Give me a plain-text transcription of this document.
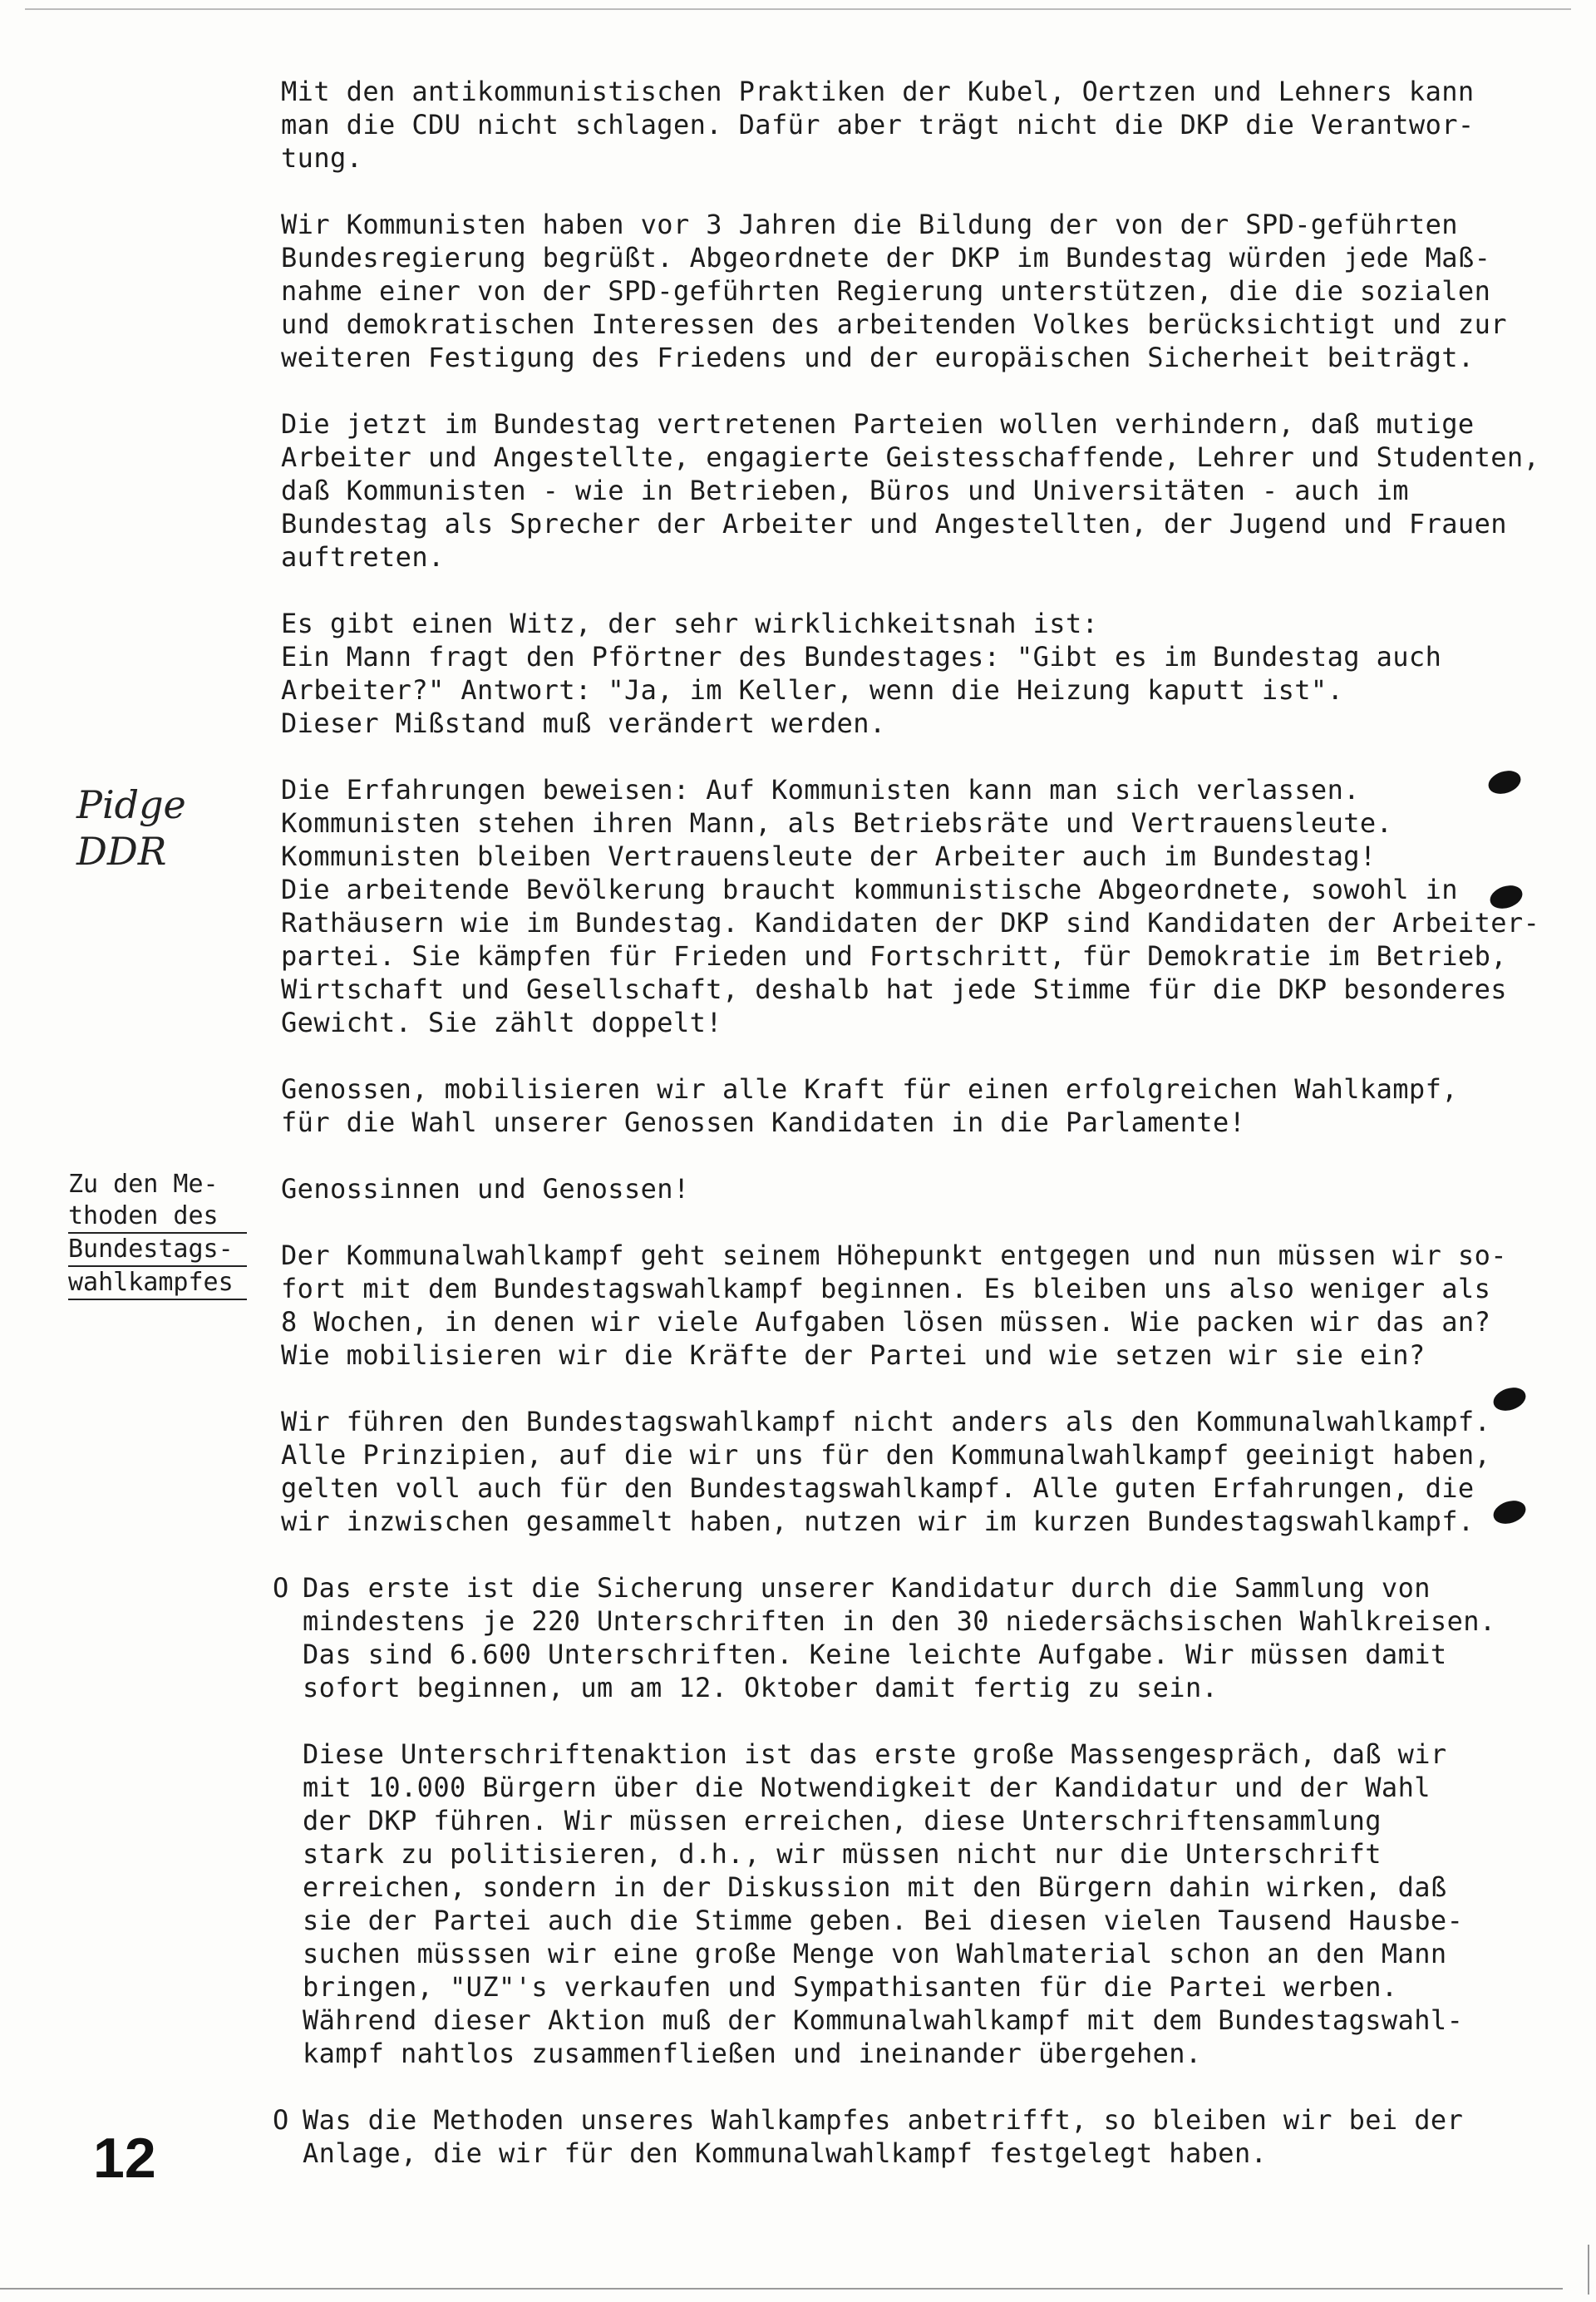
Pidge
DDR
Zu den Me-
thoden des
Bundestags-
wahlkampfes
Mit den antikommunistischen Praktiken der Kubel, Oertzen und Lehners kann
man die CDU nicht schlagen. Dafür aber trägt nicht die DKP die Verantwor-
tung.
Wir Kommunisten haben vor 3 Jahren die Bildung der von der SPD-geführten
Bundesregierung begrüßt. Abgeordnete der DKP im Bundestag würden jede Maß-
nahme einer von der SPD-geführten Regierung unterstützen, die die sozialen
und demokratischen Interessen des arbeitenden Volkes berücksichtigt und zur
weiteren Festigung des Friedens und der europäischen Sicherheit beiträgt.
Die jetzt im Bundestag vertretenen Parteien wollen verhindern, daß mutige
Arbeiter und Angestellte, engagierte Geistesschaffende, Lehrer und Studenten,
daß Kommunisten - wie in Betrieben, Büros und Universitäten - auch im
Bundestag als Sprecher der Arbeiter und Angestellten, der Jugend und Frauen
auftreten.
Es gibt einen Witz, der sehr wirklichkeitsnah ist:
Ein Mann fragt den Pförtner des Bundestages: "Gibt es im Bundestag auch
Arbeiter?" Antwort: "Ja, im Keller, wenn die Heizung kaputt ist".
Dieser Mißstand muß verändert werden.
Die Erfahrungen beweisen: Auf Kommunisten kann man sich verlassen.
Kommunisten stehen ihren Mann, als Betriebsräte und Vertrauensleute.
Kommunisten bleiben Vertrauensleute der Arbeiter auch im Bundestag!
Die arbeitende Bevölkerung braucht kommunistische Abgeordnete, sowohl in
Rathäusern wie im Bundestag. Kandidaten der DKP sind Kandidaten der Arbeiter-
partei. Sie kämpfen für Frieden und Fortschritt, für Demokratie im Betrieb,
Wirtschaft und Gesellschaft, deshalb hat jede Stimme für die DKP besonderes
Gewicht. Sie zählt doppelt!
Genossen, mobilisieren wir alle Kraft für einen erfolgreichen Wahlkampf,
für die Wahl unserer Genossen Kandidaten in die Parlamente!
Genossinnen und Genossen!
Der Kommunalwahlkampf geht seinem Höhepunkt entgegen und nun müssen wir so-
fort mit dem Bundestagswahlkampf beginnen. Es bleiben uns also weniger als
8 Wochen, in denen wir viele Aufgaben lösen müssen. Wie packen wir das an?
Wie mobilisieren wir die Kräfte der Partei und wie setzen wir sie ein?
Wir führen den Bundestagswahlkampf nicht anders als den Kommunalwahlkampf.
Alle Prinzipien, auf die wir uns für den Kommunalwahlkampf geeinigt haben,
gelten voll auch für den Bundestagswahlkampf. Alle guten Erfahrungen, die
wir inzwischen gesammelt haben, nutzen wir im kurzen Bundestagswahlkampf.
O Das erste ist die Sicherung unserer Kandidatur durch die Sammlung von
mindestens je 220 Unterschriften in den 30 niedersächsischen Wahlkreisen.
Das sind 6.600 Unterschriften. Keine leichte Aufgabe. Wir müssen damit
sofort beginnen, um am 12. Oktober damit fertig zu sein.
Diese Unterschriftenaktion ist das erste große Massengespräch, daß wir
mit 10.000 Bürgern über die Notwendigkeit der Kandidatur und der Wahl
der DKP führen. Wir müssen erreichen, diese Unterschriftensammlung
stark zu politisieren, d.h., wir müssen nicht nur die Unterschrift
erreichen, sondern in der Diskussion mit den Bürgern dahin wirken, daß
sie der Partei auch die Stimme geben. Bei diesen vielen Tausend Hausbe-
suchen müsssen wir eine große Menge von Wahlmaterial schon an den Mann
bringen, "UZ"'s verkaufen und Sympathisanten für die Partei werben.
Während dieser Aktion muß der Kommunalwahlkampf mit dem Bundestagswahl-
kampf nahtlos zusammenfließen und ineinander übergehen.
O Was die Methoden unseres Wahlkampfes anbetrifft, so bleiben wir bei der
Anlage, die wir für den Kommunalwahlkampf festgelegt haben.
12
